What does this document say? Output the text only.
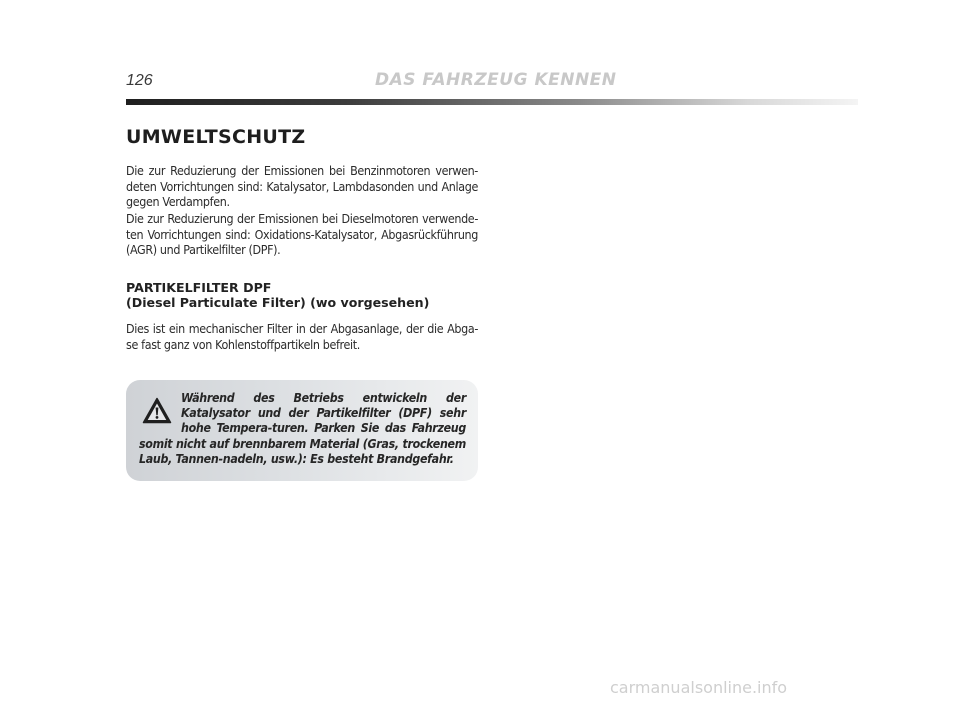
126	DAS FAHRZEUG KENNEN
UMWELTSCHUTZ

Die zur Reduzierung der Emissionen bei Benzinmotoren verwen-deten Vorrichtungen sind: Katalysator, Lambdasonden und Anlage gegen Verdampfen.

Die zur Reduzierung der Emissionen bei Dieselmotoren verwende-ten Vorrichtungen sind: Oxidations-Katalysator, Abgasrückführung (AGR) und Partikelfilter (DPF).

PARTIKELFILTER DPF
(Diesel Particulate Filter) (wo vorgesehen)

Dies ist ein mechanischer Filter in der Abgasanlage, der die Abga-se fast ganz von Kohlenstoffpartikeln befreit.

Während des Betriebs entwickeln der Katalysator und der Partikelfilter (DPF) sehr hohe Tempera-turen. Parken Sie das Fahrzeug somit nicht auf brennbarem Material (Gras, trockenem Laub, Tannen-nadeln, usw.): Es besteht Brandgefahr.

carmanualsonline.info
